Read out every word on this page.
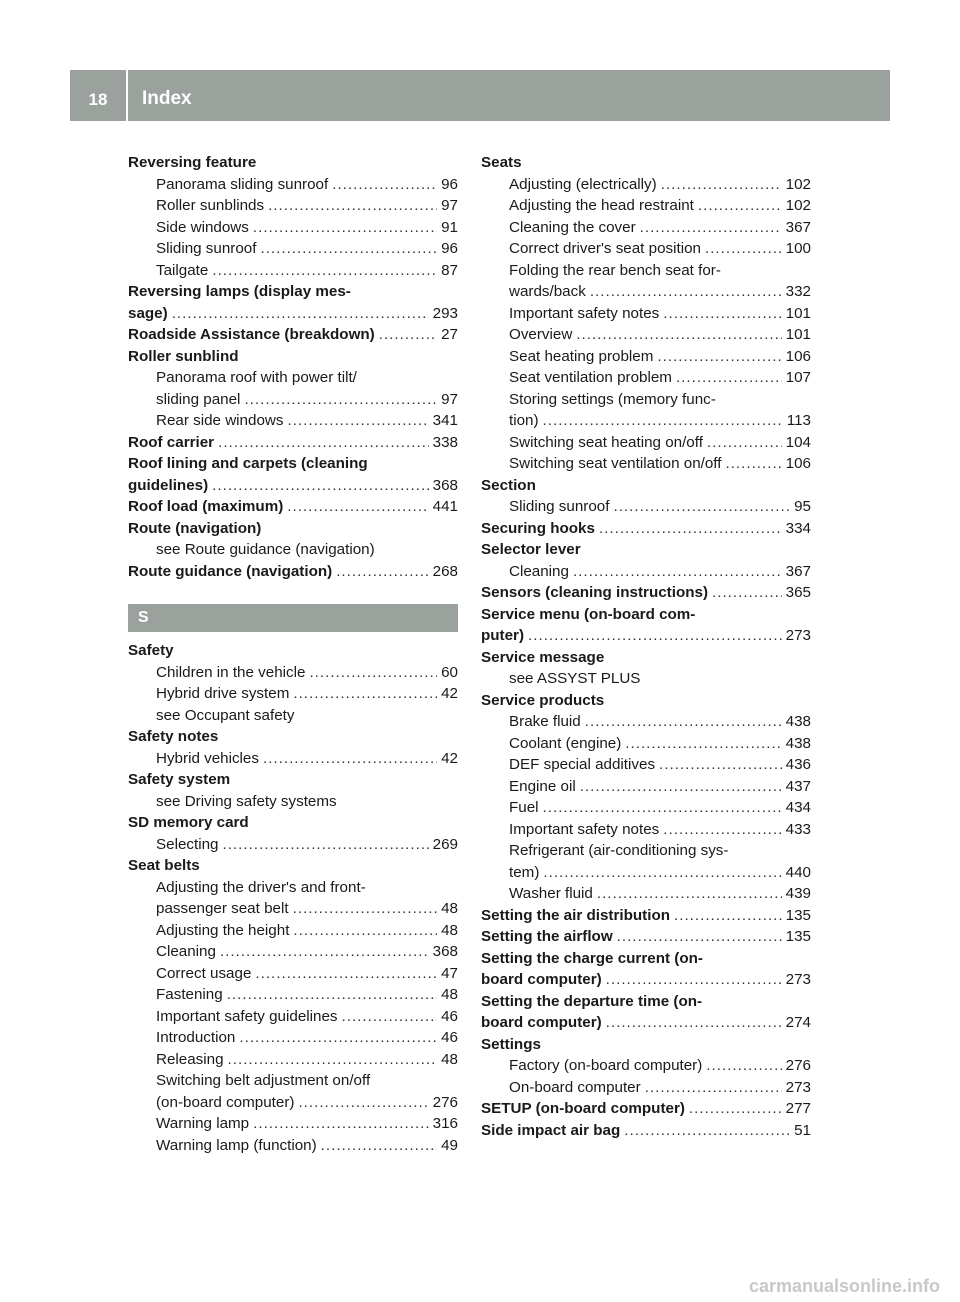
18	Index
Reversing feature
Panorama sliding sunroof .....	96
Roller sunblinds .....	97
Side windows .....	91
Sliding sunroof .....	96
Tailgate .....	87
Reversing lamps (display mes-
sage) .....	293
Roadside Assistance (breakdown) .....	27
Roller sunblind
Panorama roof with power tilt/
sliding panel .....	97
Rear side windows .....	341
Roof carrier .....	338
Roof lining and carpets (cleaning
guidelines) .....	368
Roof load (maximum) .....	441
Route (navigation)
see Route guidance (navigation)
Route guidance (navigation) .....	268
S
Safety
Children in the vehicle .....	60
Hybrid drive system .....	42
see Occupant safety
Safety notes
Hybrid vehicles .....	42
Safety system
see Driving safety systems
SD memory card
Selecting .....	269
Seat belts
Adjusting the driver's and front-
passenger seat belt .....	48
Adjusting the height .....	48
Cleaning .....	368
Correct usage .....	47
Fastening .....	48
Important safety guidelines .....	46
Introduction .....	46
Releasing .....	48
Switching belt adjustment on/off
(on-board computer) .....	276
Warning lamp .....	316
Warning lamp (function) .....	49
Seats
Adjusting (electrically) .....	102
Adjusting the head restraint .....	102
Cleaning the cover .....	367
Correct driver's seat position .....	100
Folding the rear bench seat for-
wards/back .....	332
Important safety notes .....	101
Overview .....	101
Seat heating problem .....	106
Seat ventilation problem .....	107
Storing settings (memory func-
tion) .....	113
Switching seat heating on/off .....	104
Switching seat ventilation on/off .....	106
Section
Sliding sunroof .....	95
Securing hooks .....	334
Selector lever
Cleaning .....	367
Sensors (cleaning instructions) .....	365
Service menu (on-board com-
puter) .....	273
Service message
see ASSYST PLUS
Service products
Brake fluid .....	438
Coolant (engine) .....	438
DEF special additives .....	436
Engine oil .....	437
Fuel .....	434
Important safety notes .....	433
Refrigerant (air-conditioning sys-
tem) .....	440
Washer fluid .....	439
Setting the air distribution .....	135
Setting the airflow .....	135
Setting the charge current (on-
board computer) .....	273
Setting the departure time (on-
board computer) .....	274
Settings
Factory (on-board computer) .....	276
On-board computer .....	273
SETUP (on-board computer) .....	277
Side impact air bag .....	51
carmanualsonline.info
